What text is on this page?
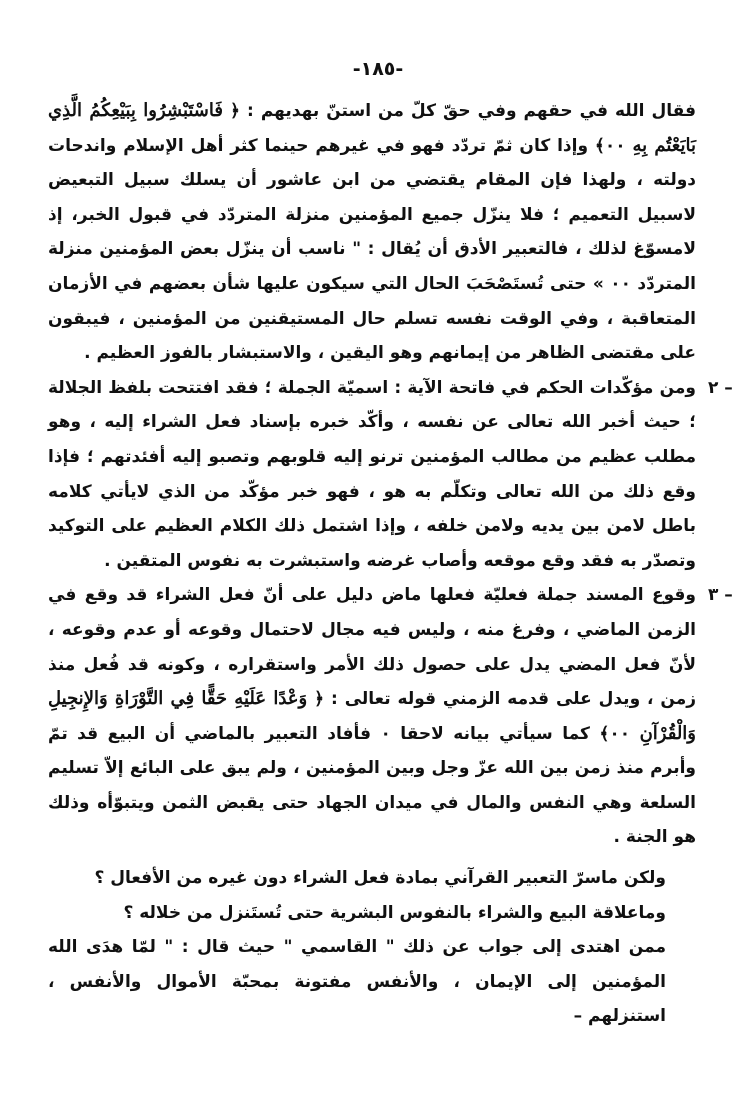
-١٨٥-

فقال الله في حقهم وفي حقّ كلّ من استنّ بهديهم : ﴿ فَاسْتَبْشِرُوا بِبَيْعِكُمُ الَّذِي بَايَعْتُم بِهِ ٠٠﴾ وإذا كان ثمّ تردّد فهو في غيرهم حينما كثر أهل الإسلام واندحات دولته ، ولهذا فإن المقام يقتضي من ابن عاشور أن يسلك سبيل التبعيض لاسبيل التعميم ؛ فلا ينزّل جميع المؤمنين منزلة المتردّد في قبول الخبر، إذ لامسوّغ لذلك ، فالتعبير الأدق أن يُقال : " ناسب أن ينزّل بعض المؤمنين منزلة المتردّد ٠٠ » حتى تُستَصْحَبَ الحال التي سيكون عليها شأن بعضهم في الأزمان المتعاقبة ، وفي الوقت نفسه تسلم حال المستيقنين من المؤمنين ، فيبقون على مقتضى الظاهر من إيمانهم وهو اليقين ، والاستبشار بالفوز العظيم .

٢ –
ومن مؤكّدات الحكم في فاتحة الآية : اسميّة الجملة ؛ فقد افتتحت بلفظ الجلالة ؛ حيث أخبر الله تعالى عن نفسه ، وأكّد خبره بإسناد فعل الشراء إليه ، وهو مطلب عظيم من مطالب المؤمنين ترنو إليه قلوبهم وتصبو إليه أفئدتهم ؛ فإذا وقع ذلك من الله تعالى وتكلّم به هو ، فهو خبر مؤكّد من الذي لايأتي كلامه باطل لامن بين يديه ولامن خلفه ، وإذا اشتمل ذلك الكلام العظيم على التوكيد وتصدّر به فقد وقع موقعه وأصاب غرضه واستبشرت به نفوس المتقين .
٣ –
وقوع المسند جملة فعليّة فعلها ماض دليل على أنّ فعل الشراء قد وقع في الزمن الماضي ، وفرغ منه ، وليس فيه مجال لاحتمال وقوعه أو عدم وقوعه ، لأنّ فعل المضي يدل على حصول ذلك الأمر واستقراره ، وكونه قد فُعل منذ زمن ، ويدل على قدمه الزمني قوله تعالى : ﴿ وَعْدًا عَلَيْهِ حَقًّا فِي التَّوْرَاةِ وَالإِنجِيلِ وَالْقُرْآنِ ٠٠﴾ كما سيأتي بيانه لاحقا ٠ فأفاد التعبير بالماضي أن البيع قد تمّ وأبرم منذ زمن بين الله عزّ وجل وبين المؤمنين ، ولم يبق على البائع إلاّ تسليم السلعة وهي النفس والمال في ميدان الجهاد حتى يقبض الثمن ويتبوّأه وذلك هو الجنة .

ولكن ماسرّ التعبير القرآني بمادة فعل الشراء دون غيره من الأفعال ؟

وماعلاقة البيع والشراء بالنفوس البشرية حتى تُستَنزل من خلاله ؟

ممن اهتدى إلى جواب عن ذلك " القاسمي " حيث قال : " لمّا هدَى الله المؤمنين إلى الإيمان ، والأنفس مفتونة بمحبّة الأموال والأنفس ، استنزلهم –
